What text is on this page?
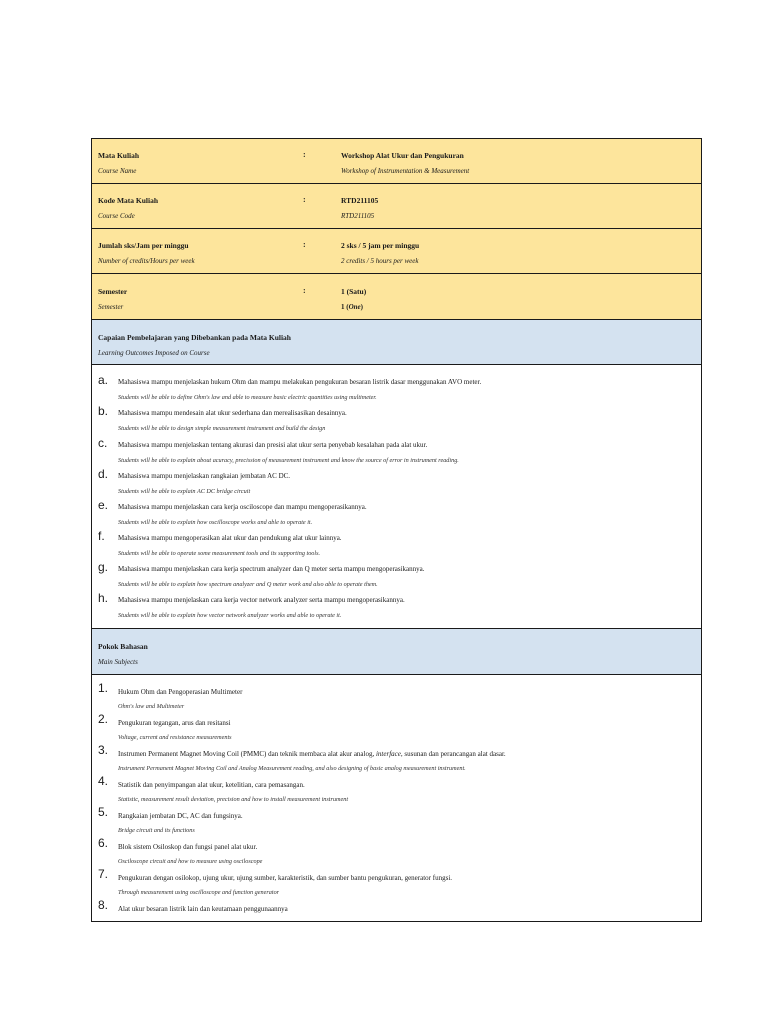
Mata Kuliah
Course Name
:	Workshop Alat Ukur dan Pengukuran
Workshop of Instrumentation & Measurement
Kode Mata Kuliah
Course Code
:	RTD211105
RTD211105
Jumlah sks/Jam per minggu
Number of credits/Hours per week
:	2 sks / 5 jam per minggu
2 credits / 5 hours per week
Semester
Semester
:	1 (Satu)
1 (One)
Capaian Pembelajaran yang Dibebankan pada Mata Kuliah
Learning Outcomes Imposed on Course
a. Mahasiswa mampu menjelaskan hukum Ohm dan mampu melakukan pengukuran besaran listrik dasar menggunakan AVO meter.
Students will be able to define Ohm's law and able to measure basic electric quantities using multimeter.
b. Mahasiswa mampu mendesain alat ukur sederhana dan merealisasikan desainnya.
Students will be able to design simple measurement instrument and build the design
c. Mahasiswa mampu menjelaskan tentang akurasi dan presisi alat ukur serta penyebab kesalahan pada alat ukur.
Students will be able to explain about acuracy, precission of measurement instrument and know the source of error in instrument reading.
d. Mahasiswa mampu menjelaskan rangkaian jembatan AC DC.
Students will be able to explain AC DC bridge circuit
e. Mahasiswa mampu menjelaskan cara kerja osciloscope dan mampu mengoperasikannya.
Students will be able to explain how oscilloscope works and able to operate it.
f. Mahasiswa mampu mengoperasikan alat ukur dan pendukung alat ukur lainnya.
Students will be able to operate some measurement tools and its supporting tools.
g. Mahasiswa mampu menjelaskan cara kerja spectrum analyzer dan Q meter serta mampu mengoperasikannya.
Students will be able to explain how spectrum analyzer and Q meter work and also able to operate them.
h. Mahasiswa mampu menjelaskan cara kerja vector network analyzer serta mampu mengoperasikannya.
Students will be able to explain how vector network analyzer works and able to operate it.
Pokok Bahasan
Main Subjects
1. Hukum Ohm dan Pengoperasian Multimeter
Ohm's law and Multimeter
2. Pengukuran tegangan, arus dan resitansi
Voltage, current and resistance measurements
3. Instrumen Permanent Magnet Moving Coil (PMMC) dan teknik membaca alat akur analog, interface, susunan dan perancangan alat dasar.
Instrument Permanent Magnet Moving Coil and Analog Measurement reading, and also designing of basic analog measurement instrument.
4. Statistik dan penyimpangan alat ukur, ketelitian, cara pemasangan.
Statistic, measurement result deviation, precision and how to install measurement instrument
5. Rangkaian jembatan DC, AC dan fungsinya.
Bridge circuit and its functions
6. Blok sistem Osiloskop dan fungsi panel alat ukur.
Osciloscope circuit and how to measure using osciloscope
7. Pengukuran dengan osilokop, ujung ukur, ujung sumber, karakteristik, dan sumber bantu pengukuran, generator fungsi.
Through measurement using oscilloscope and function generator
8. Alat ukur besaran listrik lain dan keutamaan penggunaannya
